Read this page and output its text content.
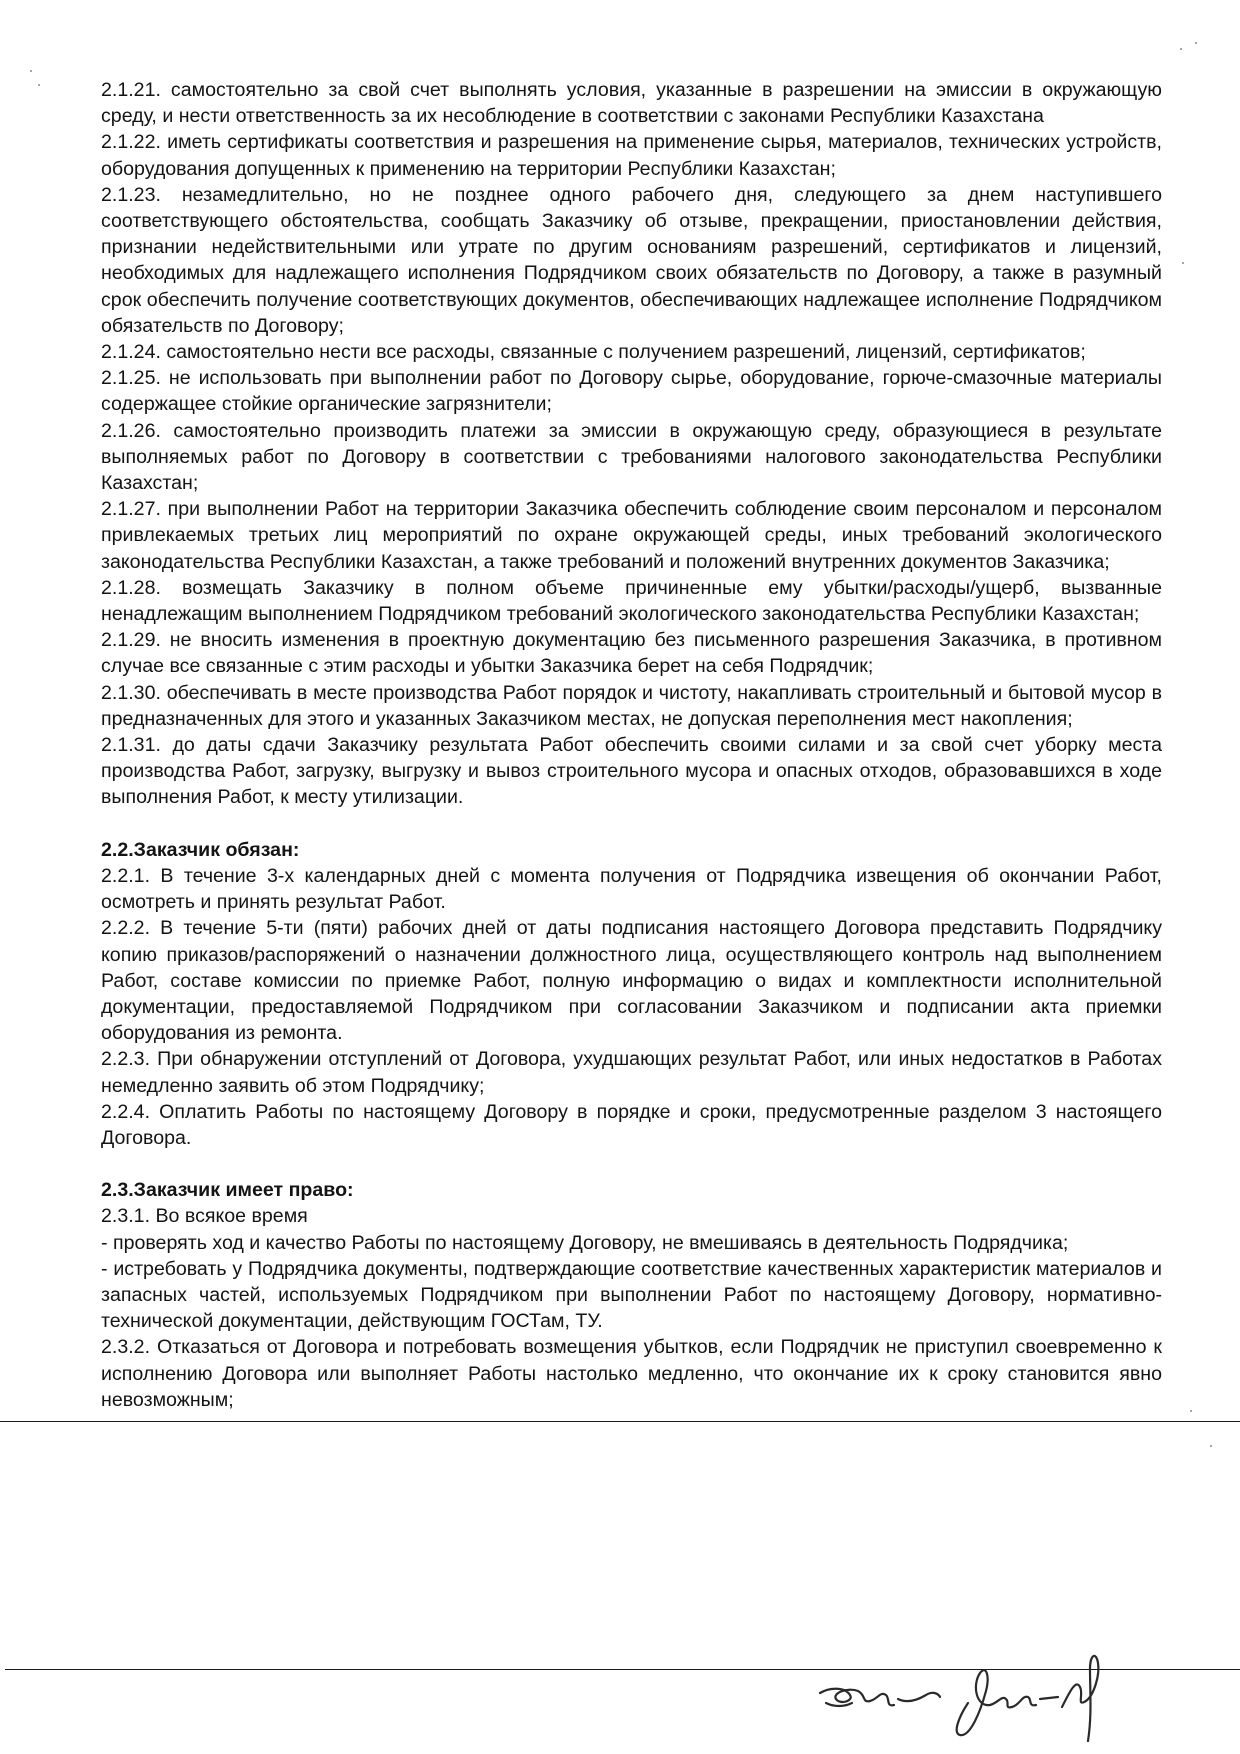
2.1.21. самостоятельно за свой счет выполнять условия, указанные в разрешении на эмиссии в окружающую среду, и нести ответственность за их несоблюдение в соответствии с законами Республики Казахстана

2.1.22. иметь сертификаты соответствия и разрешения на применение сырья, материалов, технических устройств, оборудования допущенных к применению на территории Республики Казахстан;

2.1.23. незамедлительно, но не позднее одного рабочего дня, следующего за днем наступившего соответствующего обстоятельства, сообщать Заказчику об отзыве, прекращении, приостановлении действия, признании недействительными или утрате по другим основаниям разрешений, сертификатов и лицензий, необходимых для надлежащего исполнения Подрядчиком своих обязательств по Договору, а также в разумный срок обеспечить получение соответствующих документов, обеспечивающих надлежащее исполнение Подрядчиком обязательств по Договору;

2.1.24. самостоятельно нести все расходы, связанные с получением разрешений, лицензий, сертификатов;

2.1.25. не использовать при выполнении работ по Договору сырье, оборудование, горюче-смазочные материалы содержащее стойкие органические загрязнители;

2.1.26. самостоятельно производить платежи за эмиссии в окружающую среду, образующиеся в результате выполняемых работ по Договору в соответствии с требованиями налогового законодательства Республики Казахстан;

2.1.27. при выполнении Работ на территории Заказчика обеспечить соблюдение своим персоналом и персоналом привлекаемых третьих лиц мероприятий по охране окружающей среды, иных требований экологического законодательства Республики Казахстан, а также требований и положений внутренних документов Заказчика;

2.1.28. возмещать Заказчику в полном объеме причиненные ему убытки/расходы/ущерб, вызванные ненадлежащим выполнением Подрядчиком требований экологического законодательства Республики Казахстан;

2.1.29. не вносить изменения в проектную документацию без письменного разрешения Заказчика, в противном случае все связанные с этим расходы и убытки Заказчика берет на себя Подрядчик;

2.1.30. обеспечивать в месте производства Работ порядок и чистоту, накапливать строительный и бытовой мусор в предназначенных для этого и указанных Заказчиком местах, не допуская переполнения мест накопления;

2.1.31. до даты сдачи Заказчику результата Работ обеспечить своими силами и за свой счет уборку места производства Работ, загрузку, выгрузку и вывоз строительного мусора и опасных отходов, образовавшихся в ходе выполнения Работ, к месту утилизации.

2.2.Заказчик обязан:

2.2.1. В течение 3-х календарных дней с момента получения от Подрядчика извещения об окончании Работ, осмотреть и принять результат Работ.

2.2.2. В течение 5-ти (пяти) рабочих дней от даты подписания настоящего Договора представить Подрядчику копию приказов/распоряжений о назначении должностного лица, осуществляющего контроль над выполнением Работ, составе комиссии по приемке Работ, полную информацию о видах и комплектности исполнительной документации, предоставляемой Подрядчиком при согласовании Заказчиком и подписании акта приемки оборудования из ремонта.

2.2.3. При обнаружении отступлений от Договора, ухудшающих результат Работ, или иных недостатков в Работах немедленно заявить об этом Подрядчику;

2.2.4. Оплатить Работы по настоящему Договору в порядке и сроки, предусмотренные разделом 3 настоящего Договора.

2.3.Заказчик имеет право:

2.3.1. Во всякое время

- проверять ход и качество Работы по настоящему Договору, не вмешиваясь в деятельность Подрядчика;

- истребовать у Подрядчика документы, подтверждающие соответствие качественных характеристик материалов и запасных частей, используемых Подрядчиком при выполнении Работ по настоящему Договору, нормативно-технической документации, действующим ГОСТам, ТУ.

2.3.2. Отказаться от Договора и потребовать возмещения убытков, если Подрядчик не приступил своевременно к исполнению Договора или выполняет Работы настолько медленно, что окончание их к сроку становится явно невозможным;
